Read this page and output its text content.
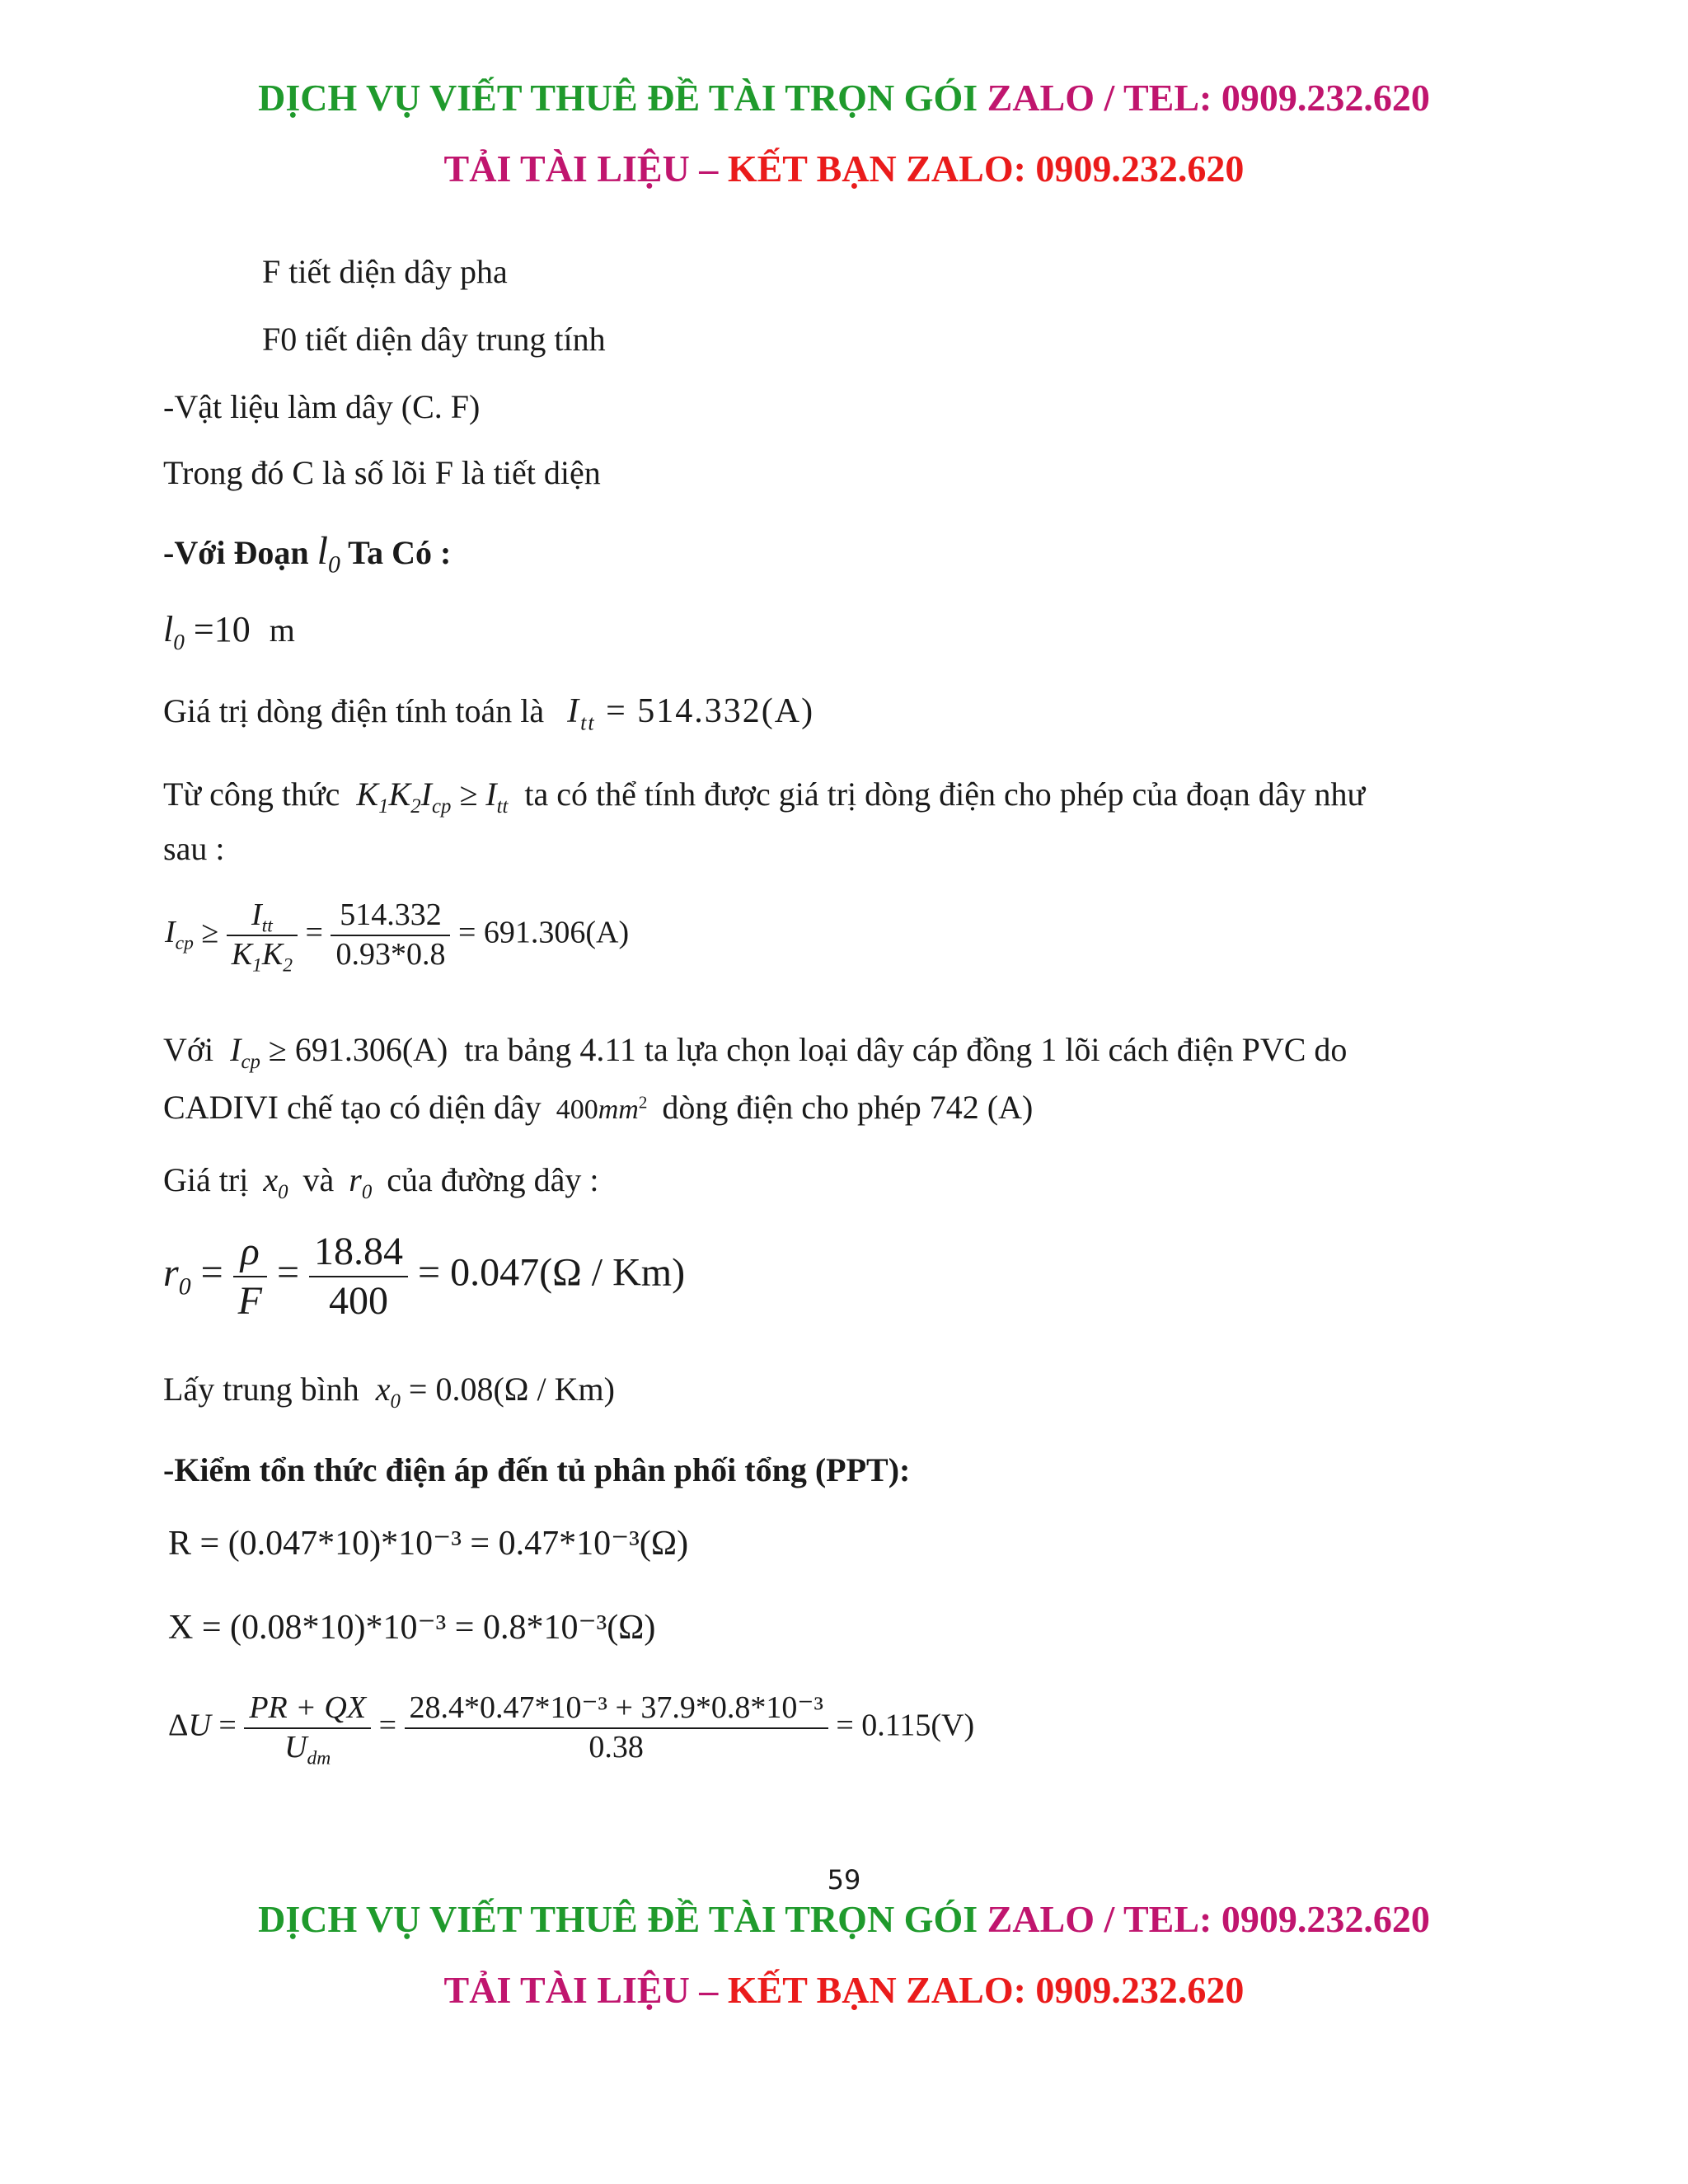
DỊCH VỤ VIẾT THUÊ ĐỀ TÀI TRỌN GÓI ZALO / TEL: 0909.232.620
TẢI TÀI LIỆU – KẾT BẠN ZALO: 0909.232.620
F tiết diện dây pha
F0 tiết diện dây trung tính
-Vật liệu làm dây (C. F)
Trong đó C là số lõi F là tiết diện
-Với Đoạn $l_0$ Ta Có :
$l_0 =10$ m
Giá trị dòng điện tính toán là $I_{tt} = 514.332(A)$
Từ công thức $K_1K_2I_{cp} \ge I_{tt}$ ta có thể tính được giá trị dòng điện cho phép của đoạn dây như
sau :
$I_{cp} \ge \frac{I_{tt}}{K_1K_2} = \frac{514.332}{0.93*0.8} = 691.306(A)$
Với $I_{cp} \ge 691.306(A)$ tra bảng 4.11 ta lựa chọn loại dây cáp đồng 1 lõi cách điện PVC do
CADIVI chế tạo có diện dây $400mm^2$ dòng điện cho phép 742 (A)
Giá trị $x_0$ và $r_0$ của đường dây :
$r_0 = \frac{\rho}{F} = \frac{18.84}{400} = 0.047(\Omega / Km)$
Lấy trung bình $x_0 = 0.08(\Omega / Km)$
-Kiểm tổn thức điện áp đến tủ phân phối tổng (PPT):
R = (0.047*10)*10⁻³ = 0.47*10⁻³(Ω)
X = (0.08*10)*10⁻³ = 0.8*10⁻³(Ω)
$\Delta U = \frac{PR + QX}{U_{dm}} = \frac{\text{28.4*0.47*10⁻³ + 37.9*0.8*10⁻³}}{0.38} = 0.115(V)$
59
DỊCH VỤ VIẾT THUÊ ĐỀ TÀI TRỌN GÓI ZALO / TEL: 0909.232.620
TẢI TÀI LIỆU – KẾT BẠN ZALO: 0909.232.620
